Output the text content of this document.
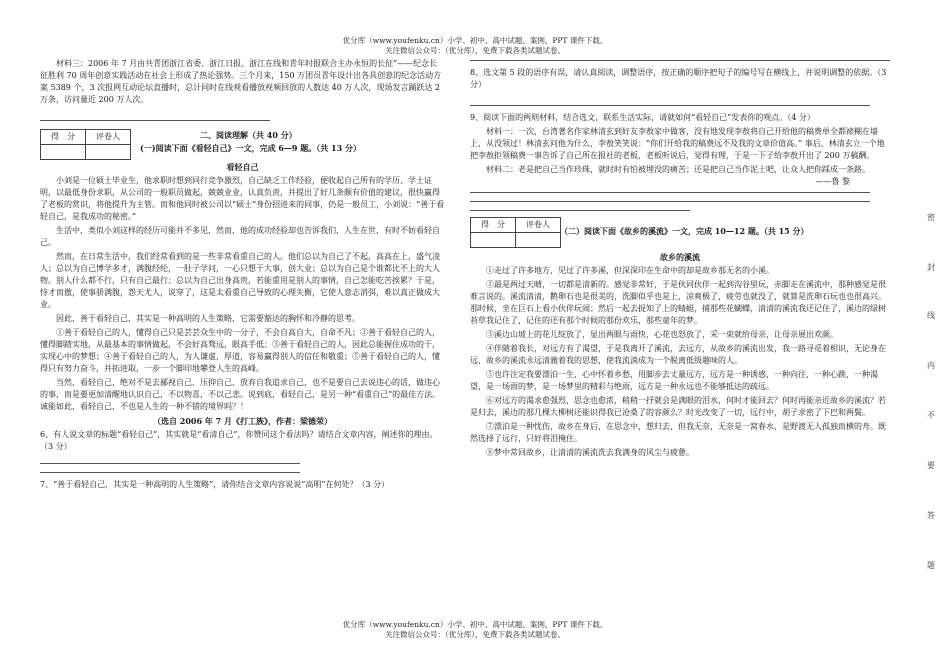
优分库（www.youfenku.cn）小学、初中、高中试题、案例、PPT 课件下载。
关注微信公众号：（优分库），免费下载各类试题试卷。

材料三：2006 年 7 月由共青团浙江省委、浙江日报、浙江在线和青年时报联合主办永恒的长征”——纪念长征胜利 70 周年创意实践活动在社会上形成了热论强势。三个月来，150 万团员青年设计出各具创意的纪念活动方案 5389 个，3 次报网互动论坛直播时，总计同时在线观看播放视频回放的人数达 40 万人次，现场发言踊跃达 2 万条，访问量近 200 万人次。

得　分	评卷人
		二、阅读理解（共 40 分）
(一)阅读下面《看轻自己》一文，完成 6—9 题。（共 13 分）

看轻自己

小刘是一位硕士毕业生，他求职时想到同行竞争激烈，自己缺乏工作经验，便收起自己所有的学历、学士证明，以最低身份求职，从公司的一般职员做起，兢兢业业，认真负责，并提出了好几条颇有价值的建议，很快赢得了老板的赏识，将他提升为主管。而和他同时被公司以“硕士”身份招进来的同事，仍是一般员工，小刘说：“善于看轻自己，是我成功的秘密。”

生活中，类似小刘这样的经历可能并不多见，然而，他的成功经验却也告诉我们，人生在世，有时不妨看轻自己。

然而，在日常生活中，我们经常看到的是一些非常看重自己的人。他们总以为自己了不起，高高在上，盛气凌人；总以为自己博学多才，满腹经纶，一肚子学问，一心只想干大事，创大业；总以为自己是个谁都比不上的大人物。别人什么都不行，只有自己最行；总以为自己出身高贵，若能重用是别人的事情，自己怎能吃苦挨累？于是，恃才而傲，使事骄满腹，怨天尤人，说穿了，这是太看重自己导致的心理失衡，它使人意志消弭，难以真正做成大业。

因此，善于看轻自己，其实是一种高明的人生策略，它需要豁达的胸怀和冷静的思考。

①善于看轻自己的人，懂得自己只是芸芸众生中的一分子，不会自高自大，自命不凡；②善于看轻自己的人，懂得脚踏实地，从最基本的事情做起，不会好高骛远，眼高手低；③善于看轻自己的人，因此总能握住成功的干，实现心中的梦想；④善于看轻自己的人，为人谦虚，厚道，容易赢得别人的信任和敬重；⑤善于看轻自己的人，懂得只有努力奋斗，并拓进取，一步一个脚印地攀登人生的高峰。

当然，看轻自己，绝对不是去鄙视自己、压抑自己、放弃自我追求自己，也不是要自己去说违心的话，做违心的事，而是要更加清醒地认识自己，不以物喜，不以己悲。说到底，看轻自己，是另一种“看重自己”的最佳方法。诚能如此，看轻自己，不也是人生的一种不错的境界吗？！

（选自 2006 年 7 月《打工族》，作者：梁德荣）

6、有人说文章的标题“看轻自己”，其实就是“看清自己”，你赞同这个看法吗？请结合文章内容，阐述你的理由。（3 分）

7、“善于看轻自己，其实是一种高明的人生策略”，请你结合文章内容说说“高明”在何处？（3 分）

8、选文第 5 段的语序有误，请认真阅读，调整语序，按正确的顺序把句子的编号写在横线上，并说明调整的依据。（3 分）

9、阅读下面的两则材料，结合选文，联系生活实际，请就如何“看轻自己”发表你的观点。（4 分）

材料一：一次，台湾著名作家林清玄到好友李敖家中做客，没有地发现李敖将自己开给他的稿费单全都裱糊在墙上，从没领过！林清玄问他为什么，李敖笑笑说：“你们开给我的稿费远不及我的文章价值高。” 事后，林清玄立一个地把李敖拒领稿费一事告诉了自己所在报社的老板，老板听说后，觉得有理，于是一下子给李敖开出了 200 万稿酬。

材料二：老是把自己当作珍珠，就时时有怕被埋没的痛苦；还是把自己当作泥土吧，让众人把你踩成一条路。

——鲁 黎

得　分	评卷人

（二）阅读下面《故乡的溪流》一文，完成 10—12 题。（共 15 分）

故乡的溪流

①走过了许多地方，见过了许多溪，但深深印在生命中的却是故乡那无名的小溪。

②最是两过天晴，一切都是清新的。感觉非常好，于是伙同伙伴一起到沟谷里玩，赤脚走在溪流中，那种感觉是很难言说的。溪流清清，鹅卵石也是很美的，洗脚似乎也是上，凉爽极了，疲劳也就没了，就算是洗卵石玩也也很高兴。那时候，坐在巨石上看小伙伴玩闹；然后一起去捉知了上的蜻蜓，捕那些花蝴蝶，清清的溪流我还记住了，溪边的绿树苔草我记住了，记住的还有那个时候的那份欢乐，那些童年的梦。

③溪边山坡上的花儿绽放了，显出两眼与雨快，心花也怒放了，采一束就给母亲，让母亲展出欢颜。

④伴随着我长，对远方有了渴望，于是我离开了溪流，去远方，从故乡的溪流出发，我一路寻觅着相识，无论身在远，故乡的溪流永远清澈着我的思想，使我流淌成为一个脱离低级趣味的人。

⑤也许注定我要漂泊一生，心中怀着乡愁，用脚步去丈量远方，远方是一种诱惑，一种向往，一种心跳，一种渴望，是一场雨的梦，是一场梦里的精彩与绝雨，远方是一种永远也不能够抵达的疏远。

⑥对远方的渴求愈强烈，思念也愈浓，稍稍一抒就会是满眼的泪水，何时才能回去？何时再能亲近故乡的溪流？若是归去，溪边的那几棵大柳树还能识得我已沧桑了的容颜么？时光改变了一切，远行中，胡子求密了下巴和两鬓。

⑦漂泊是一种忧伤，故乡在身后，在思念中，想归去，但我无奈，无奈是一窝春水，是野渡无人孤独而横的舟。既然选择了远行，只好将泪掩住。

⑧梦中常回故乡，让清清的溪流洗去我满身的风尘与疲惫。

密
封
线
内
不
要
答
题
优分库（www.youfenku.cn）小学、初中、高中试题、案例、PPT 课件下载。
关注微信公众号：（优分库），免费下载各类试题试卷。
